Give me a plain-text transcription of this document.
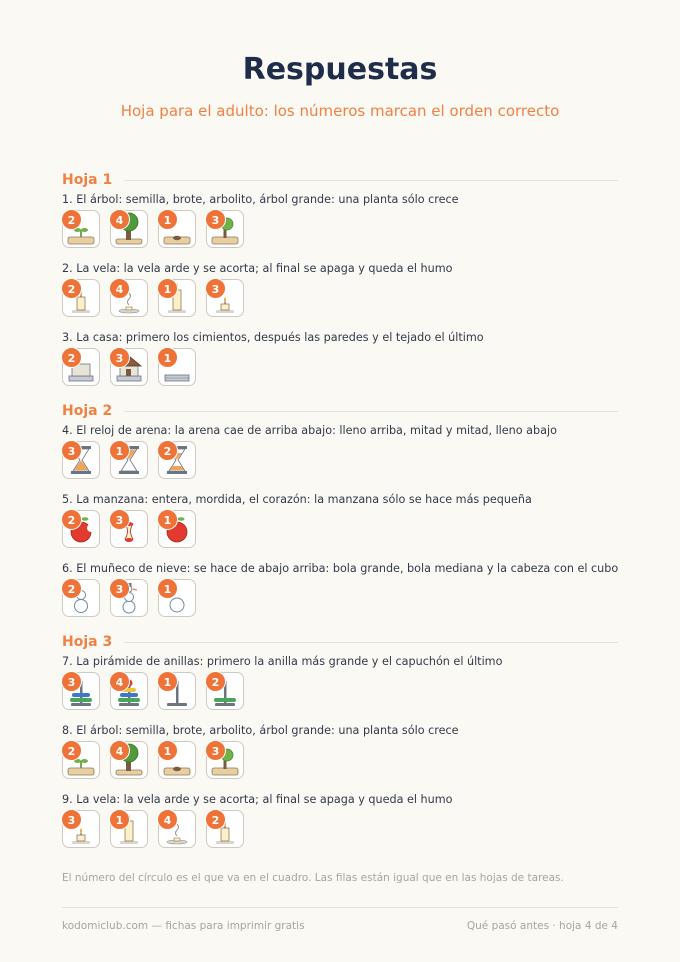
Respuestas
Hoja para el adulto: los números marcan el orden correcto
Hoja 1
1. El árbol: semilla, brote, arbolito, árbol grande: una planta sólo crece
2	4	1	3
2. La vela: la vela arde y se acorta; al final se apaga y queda el humo
2	4	1	3
3. La casa: primero los cimientos, después las paredes y el tejado el último
2	3	1
Hoja 2
4. El reloj de arena: la arena cae de arriba abajo: lleno arriba, mitad y mitad, lleno abajo
3	1	2
5. La manzana: entera, mordida, el corazón: la manzana sólo se hace más pequeña
2	3	1
6. El muñeco de nieve: se hace de abajo arriba: bola grande, bola mediana y la cabeza con el cubo
2	3	1
Hoja 3
7. La pirámide de anillas: primero la anilla más grande y el capuchón el último
3	4	1	2
8. El árbol: semilla, brote, arbolito, árbol grande: una planta sólo crece
2	4	1	3
9. La vela: la vela arde y se acorta; al final se apaga y queda el humo
3	1	4	2
El número del círculo es el que va en el cuadro. Las filas están igual que en las hojas de tareas.
kodomiclub.com — fichas para imprimir gratis	Qué pasó antes · hoja 4 de 4
